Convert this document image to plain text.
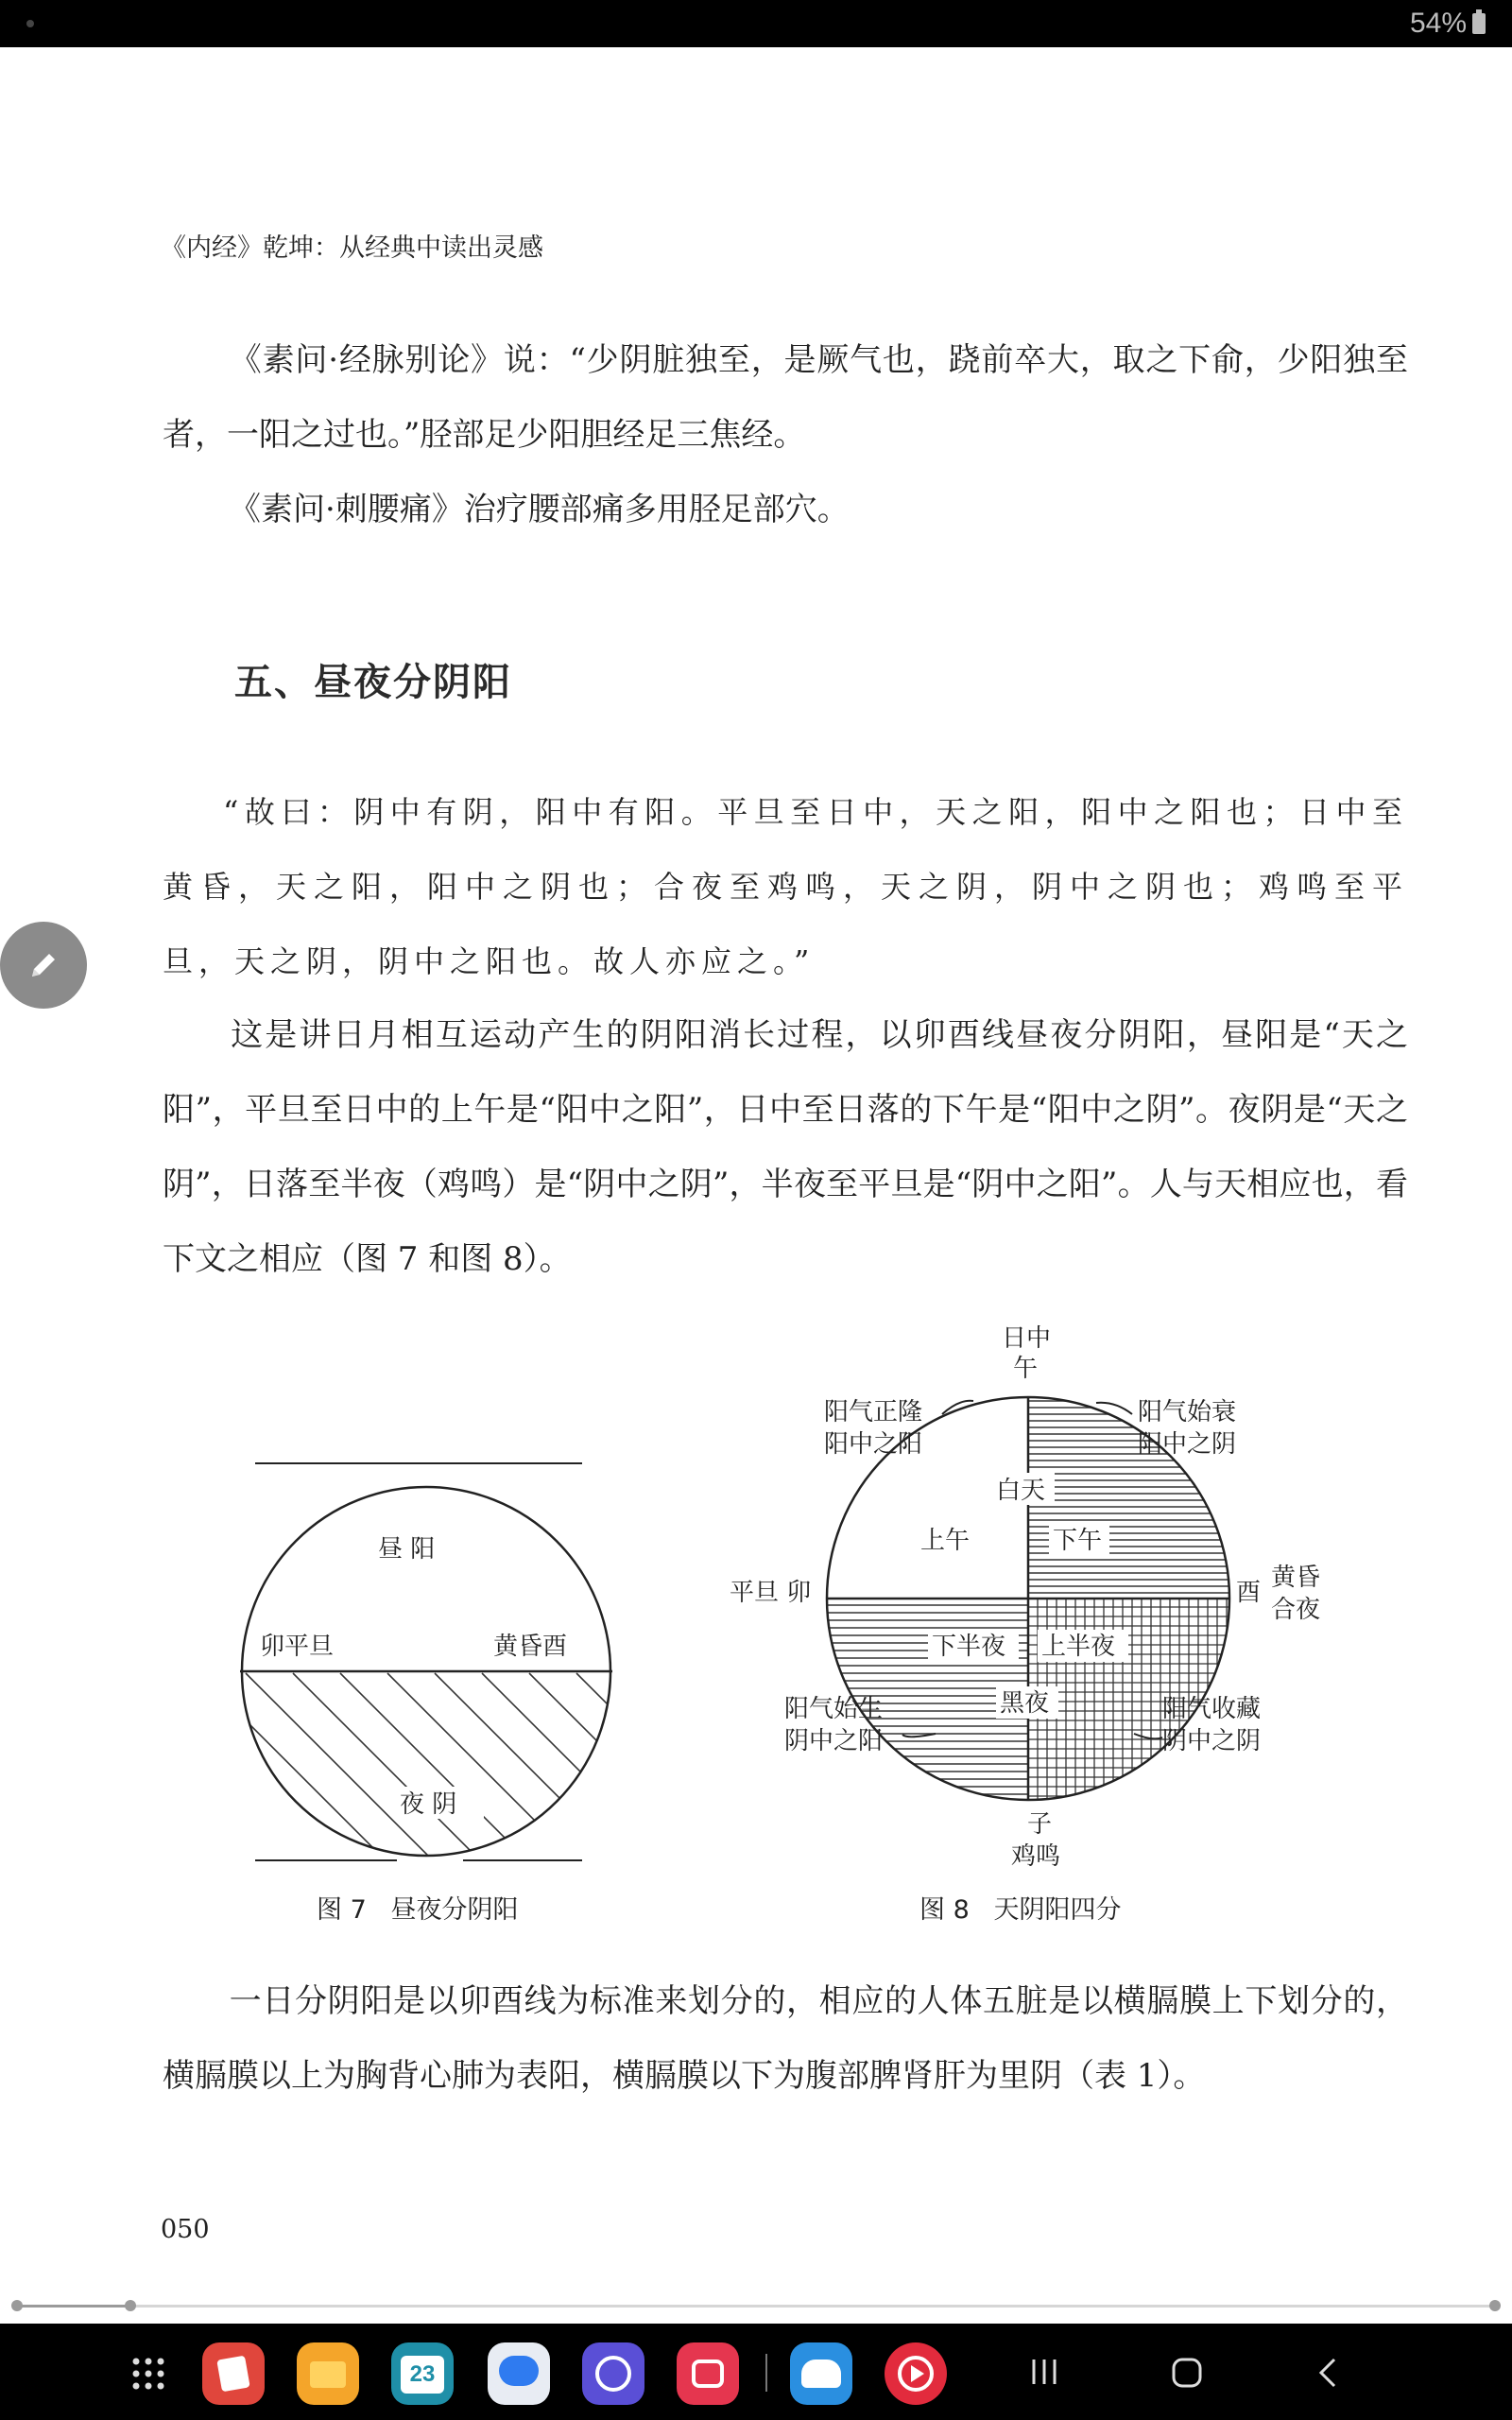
54%
《内经》乾坤：从经典中读出灵感

《素问·经脉别论》说：“少阴脏独至，是厥气也，跷前卒大，取之下俞，少阳独至者，一阳之过也。”胫部足少阳胆经足三焦经。

《素问·刺腰痛》治疗腰部痛多用胫足部穴。

五、昼夜分阴阳

“故曰：阴中有阴，阳中有阳。平旦至日中，天之阳，阳中之阳也；日中至黄昏，天之阳，阳中之阴也；合夜至鸡鸣，天之阴，阴中之阴也；鸡鸣至平旦，天之阴，阴中之阳也。故人亦应之。”

这是讲日月相互运动产生的阴阳消长过程，以卯酉线昼夜分阴阳，昼阳是“天之阳”，平旦至日中的上午是“阳中之阳”，日中至日落的下午是“阳中之阴”。夜阴是“天之阴”，日落至半夜（鸡鸣）是“阴中之阴”，半夜至平旦是“阴中之阳”。人与天相应也，看下文之相应（图 7 和图 8）。

昼 阳
卯平旦	黄昏酉
夜 阴
图 7   昼夜分阴阳
日中
午
阳气正隆
阳中之阳
阳气始衰
阳中之阴
白天
上午	下午
平旦 卯	酉
黄昏
合夜
下半夜 上半夜
黑夜
阳气始生
阴中之阳
阳气收藏
阴中之阴
子
鸡鸣
图 8   天阴阳四分

一日分阴阳是以卯酉线为标准来划分的，相应的人体五脏是以横膈膜上下划分的，横膈膜以上为胸背心肺为表阳，横膈膜以下为腹部脾肾肝为里阴（表 1）。

050
23
